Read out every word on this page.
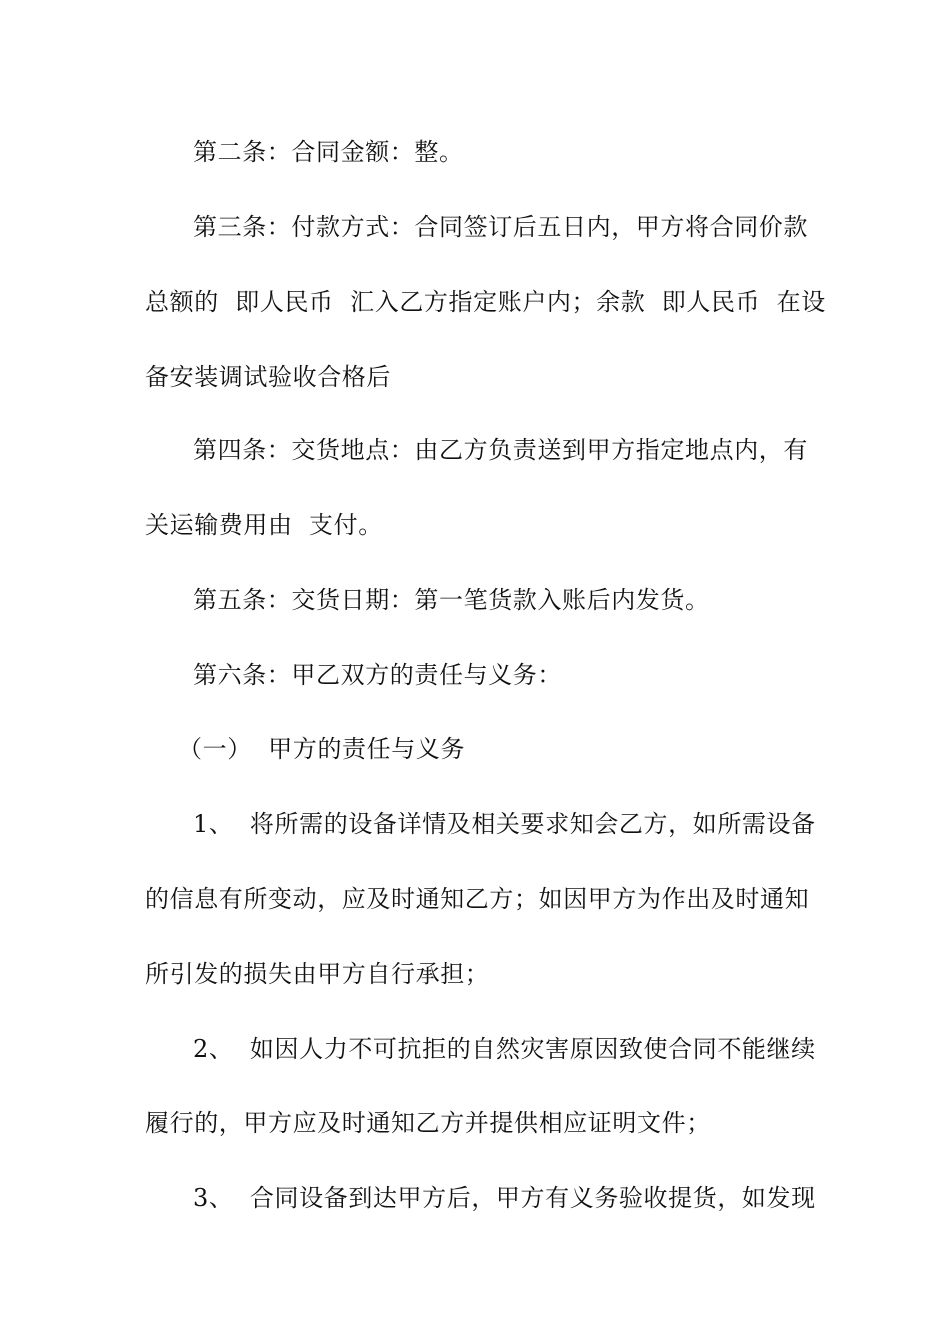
第二条：合同金额：整。
第三条：付款方式：合同签订后五日内，甲方将合同价款
总额的  即人民币  汇入乙方指定账户内；余款  即人民币  在设
备安装调试验收合格后
第四条：交货地点：由乙方负责送到甲方指定地点内，有
关运输费用由  支付。
第五条：交货日期：第一笔货款入账后内发货。
第六条：甲乙双方的责任与义务：
（一）  甲方的责任与义务
1、  将所需的设备详情及相关要求知会乙方，如所需设备
的信息有所变动，应及时通知乙方；如因甲方为作出及时通知
所引发的损失由甲方自行承担；
2、  如因人力不可抗拒的自然灾害原因致使合同不能继续
履行的，甲方应及时通知乙方并提供相应证明文件；
3、  合同设备到达甲方后，甲方有义务验收提货，如发现
